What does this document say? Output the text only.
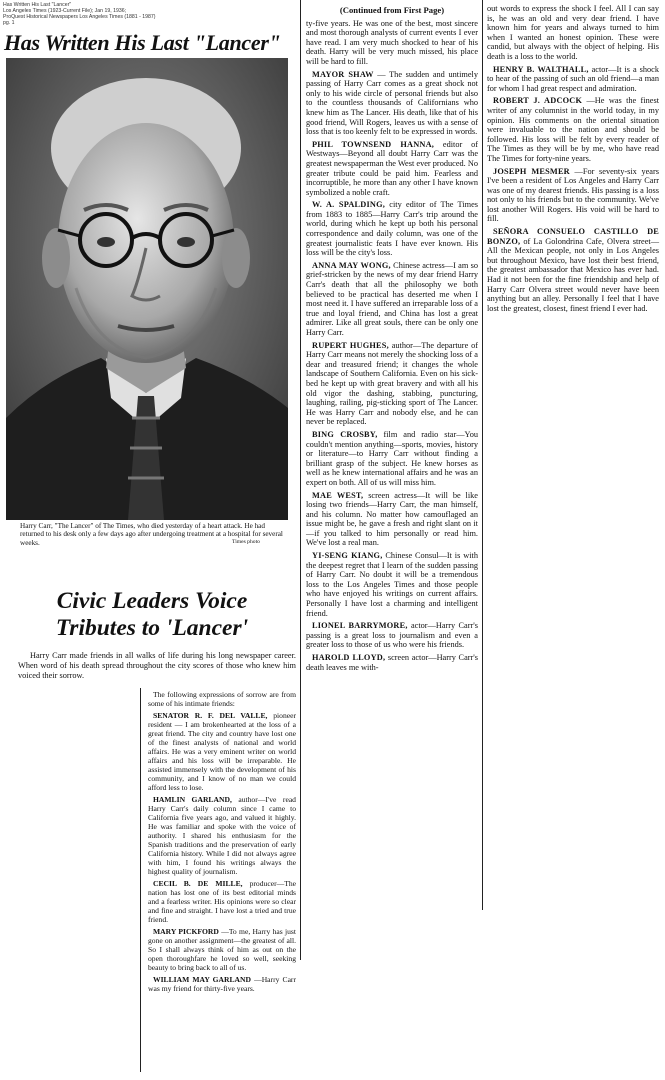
Has Written His Last "Lancer"
Los Angeles Times (1923-Current File); Jan 19, 1936;
ProQuest Historical Newspapers Los Angeles Times (1881 - 1987)
pg. 1
Has Written His Last "Lancer"
Harry Carr, "The Lancer" of The Times, who died yesterday of a heart attack. He had returned to his desk only a few days ago after undergoing treatment at a hospital for several weeks.	Times photo
Civic Leaders Voice
Tributes to 'Lancer'

Harry Carr made friends in all walks of life during his long newspaper career. When word of his death spread throughout the city scores of those who knew him voiced their sorrow.

The following expressions of sorrow are from some of his intimate friends:

SENATOR R. F. DEL VALLE, pioneer resident — I am brokenhearted at the loss of a great friend. The city and country have lost one of the finest analysts of national and world affairs. He was a very eminent writer on world affairs and his loss will be irreparable. He assisted immensely with the development of his community, and I know of no man we could afford less to lose.

HAMLIN GARLAND, author—I've read Harry Carr's daily column since I came to California five years ago, and valued it highly. He was familiar and spoke with the voice of authority. I shared his enthusiasm for the Spanish traditions and the preservation of early California history. While I did not always agree with him, I found his writings always the highest quality of journalism.

CECIL B. DE MILLE, producer—The nation has lost one of its best editorial minds and a fearless writer. His opinions were so clear and fine and straight. I have lost a tried and true friend.

MARY PICKFORD —To me, Harry has just gone on another assignment—the greatest of all. So I shall always think of him as out on the open thoroughfare he loved so well, seeking beauty to bring back to all of us.

WILLIAM MAY GARLAND —Harry Carr was my friend for thirty-five years.

(Continued from First Page)

ty-five years. He was one of the best, most sincere and most thorough analysts of current events I ever have read. I am very much shocked to hear of his death. Harry will be very much missed, his place will be hard to fill.

MAYOR SHAW — The sudden and untimely passing of Harry Carr comes as a great shock not only to his wide circle of personal friends but also to the countless thousands of Californians who knew him as The Lancer. His death, like that of his good friend, Will Rogers, leaves us with a sense of loss that is too keenly felt to be expressed in words.

PHIL TOWNSEND HANNA, editor of Westways—Beyond all doubt Harry Carr was the greatest newspaperman the West ever produced. No greater tribute could be paid him. Fearless and incorruptible, he more than any other I have known symbolized a noble craft.

W. A. SPALDING, city editor of The Times from 1883 to 1885—Harry Carr's trip around the world, during which he kept up both his personal correspondence and daily column, was one of the greatest journalistic feats I have ever known. His loss will be the city's loss.

ANNA MAY WONG, Chinese actress—I am so grief-stricken by the news of my dear friend Harry Carr's death that all the philosophy we both believed to be practical has deserted me when I most need it. I have suffered an irreparable loss of a true and loyal friend, and China has lost a great admirer. Like all great souls, there can be only one Harry Carr.

RUPERT HUGHES, author—The departure of Harry Carr means not merely the shocking loss of a dear and treasured friend; it changes the whole landscape of Southern California. Even on his sick-bed he kept up with great bravery and with all his old vigor the dashing, stabbing, puncturing, laughing, railing, pig-sticking sport of The Lancer. He was Harry Carr and nobody else, and he can never be replaced.

BING CROSBY, film and radio star—You couldn't mention anything—sports, movies, history or literature—to Harry Carr without finding a brilliant grasp of the subject. He knew horses as well as he knew international affairs and he was an expert on both. All of us will miss him.

MAE WEST, screen actress—It will be like losing two friends—Harry Carr, the man himself, and his column. No matter how camouflaged an issue might be, he gave a fresh and right slant on it—if you talked to him personally or read him. We've lost a real man.

YI-SENG KIANG, Chinese Consul—It is with the deepest regret that I learn of the sudden passing of Harry Carr. No doubt it will be a tremendous loss to the Los Angeles Times and those people who have enjoyed his writings on current affairs. Personally I have lost a charming and intelligent friend.

LIONEL BARRYMORE, actor—Harry Carr's passing is a great loss to journalism and even a greater loss to those of us who were his friends.

HAROLD LLOYD, screen actor—Harry Carr's death leaves me with-

out words to express the shock I feel. All I can say is, he was an old and very dear friend. I have known him for years and always turned to him when I wanted an honest opinion. These were candid, but always with the object of helping. His death is a loss to the world.

HENRY B. WALTHALL, actor—It is a shock to hear of the passing of such an old friend—a man for whom I had great respect and admiration.

ROBERT J. ADCOCK —He was the finest writer of any columnist in the world today, in my opinion. His comments on the oriental situation were invaluable to the nation and should be followed. His loss will be felt by every reader of The Times as they will be by me, who have read The Times for forty-nine years.

JOSEPH MESMER —For seventy-six years I've been a resident of Los Angeles and Harry Carr was one of my dearest friends. His passing is a loss not only to his friends but to the community. We've lost another Will Rogers. His void will be hard to fill.

SEÑORA CONSUELO CASTILLO DE BONZO, of La Golondrina Cafe, Olvera street—All the Mexican people, not only in Los Angeles but throughout Mexico, have lost their best friend, the greatest ambassador that Mexico has ever had. Had it not been for the fine friendship and help of Harry Carr Olvera street would never have been anything but an alley. Personally I feel that I have lost the greatest, closest, finest friend I ever had.
